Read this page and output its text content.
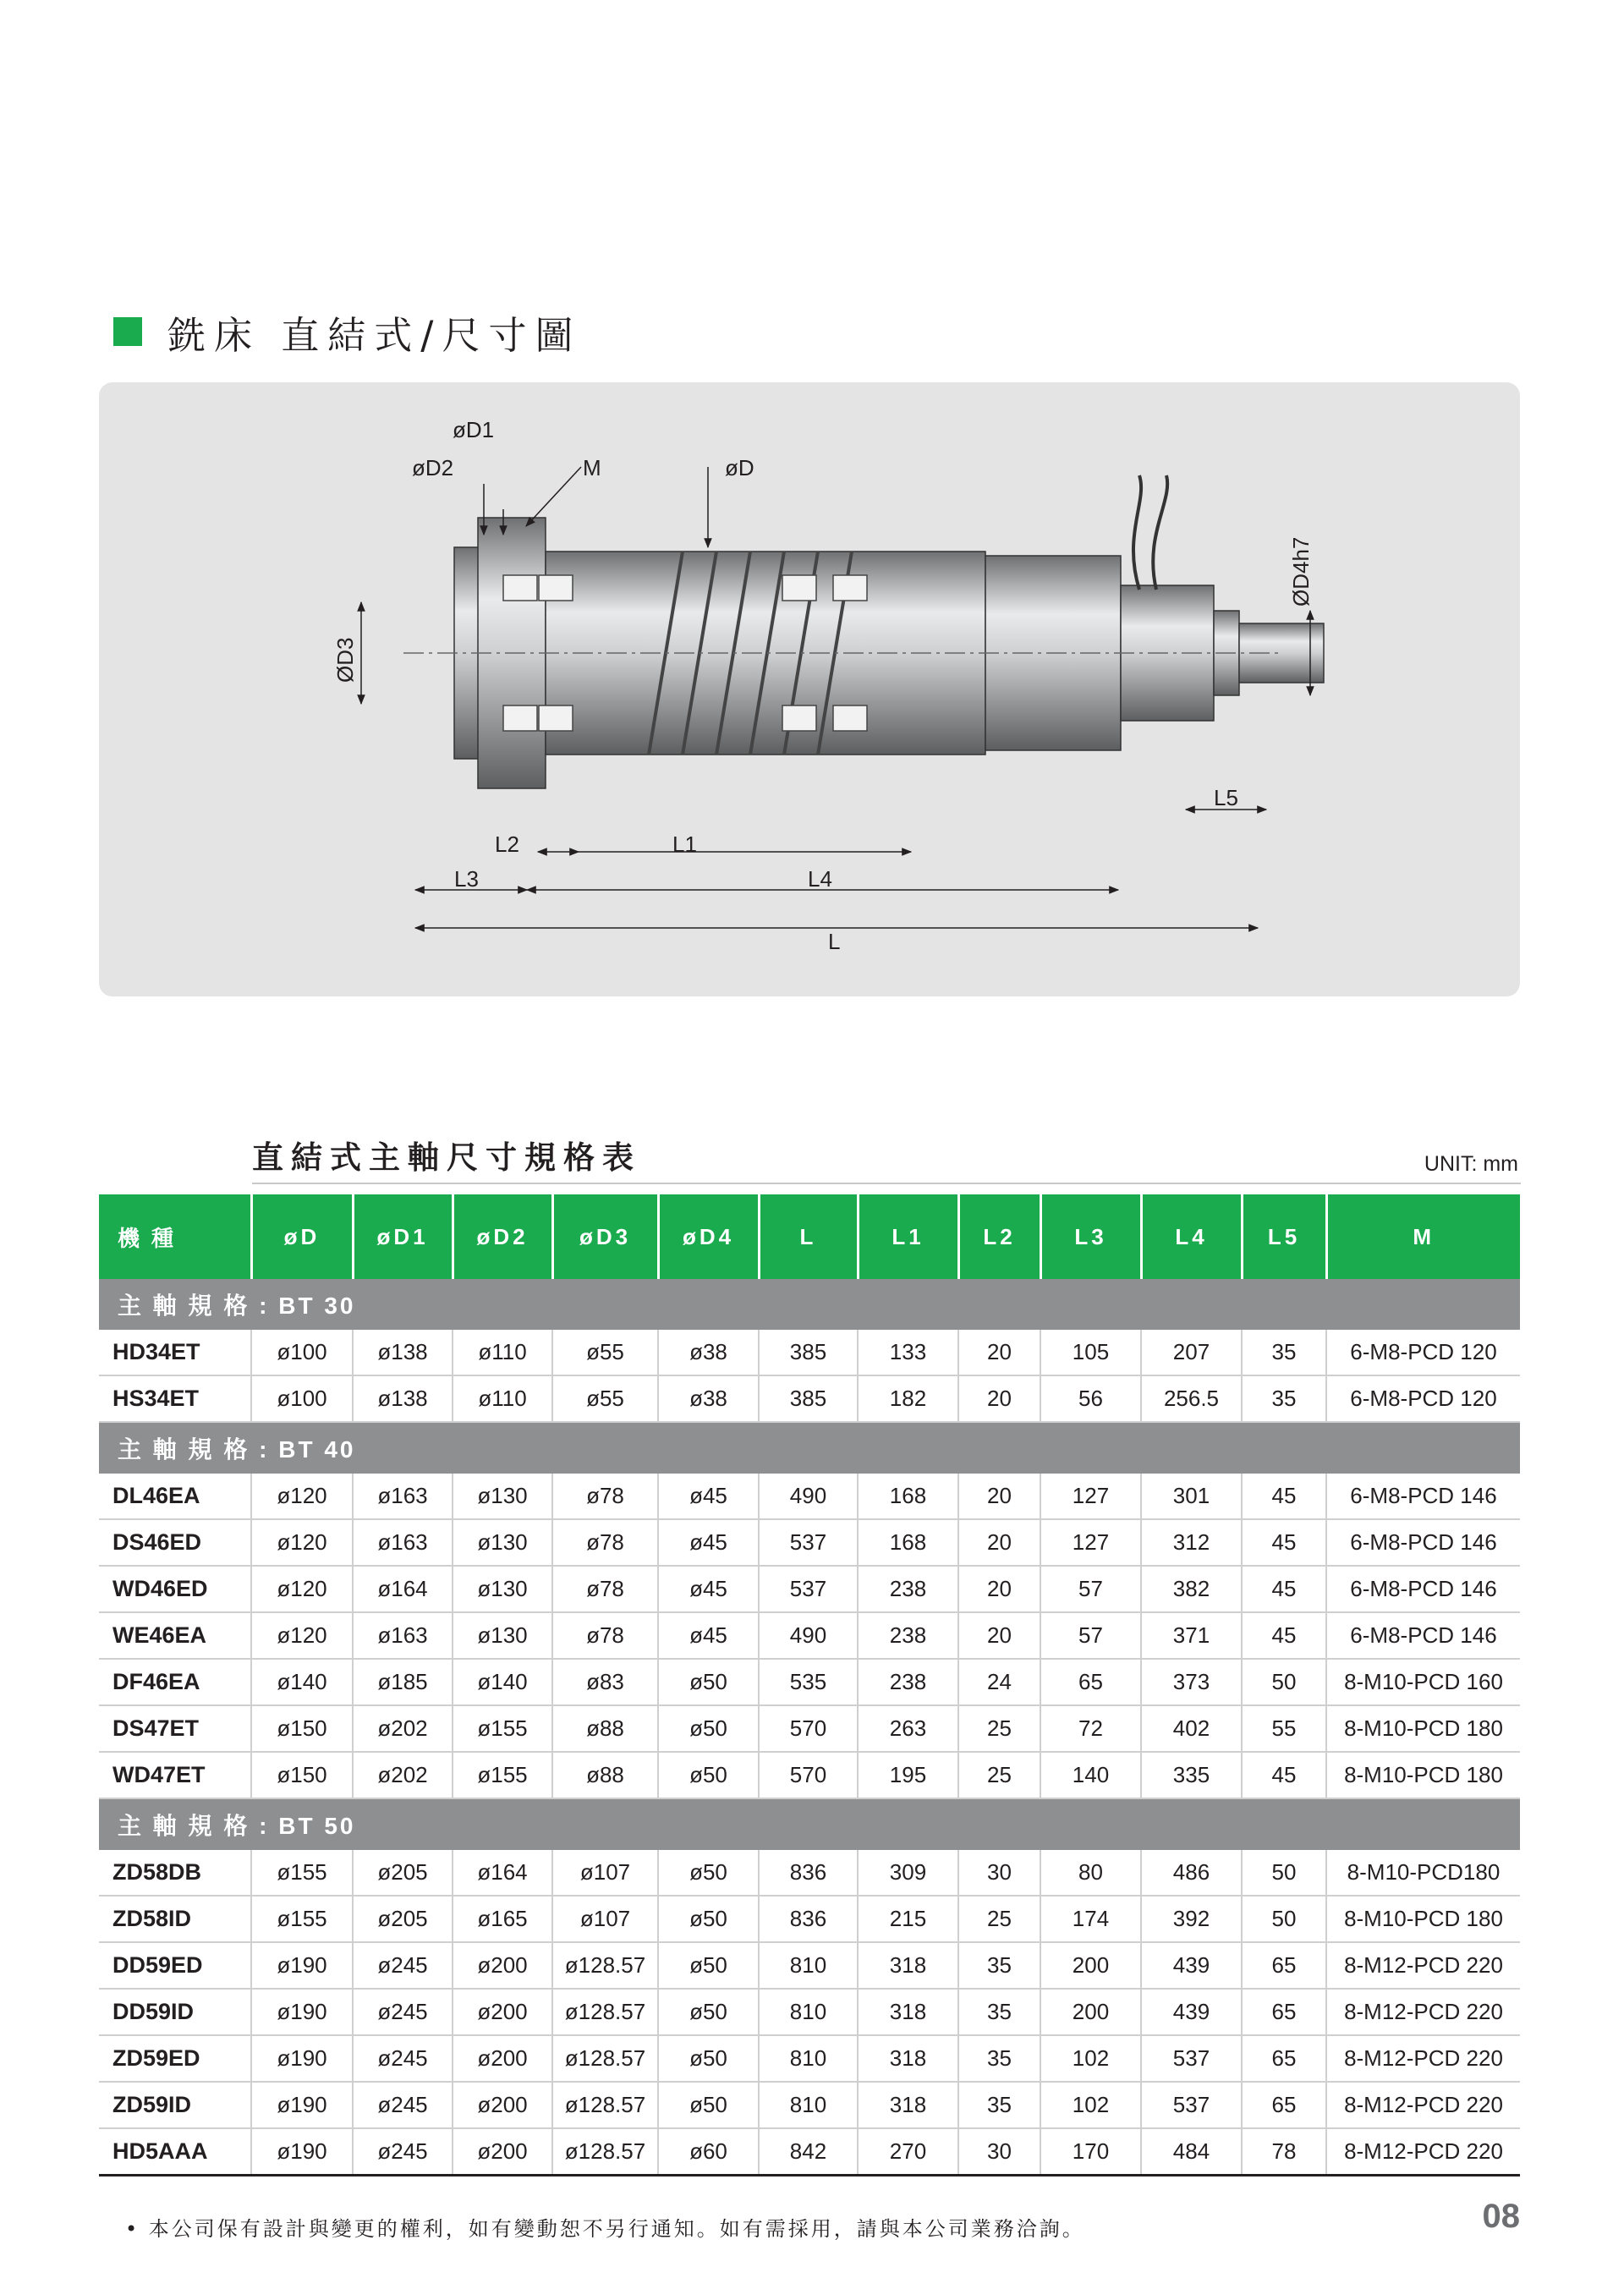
銑床 直結式/尺寸圖
øD1
øD2	M	øD
ØD3
ØD4h7
L5
L2	L1
L3	L4
L
直結式主軸尺寸規格表	UNIT: mm
機種	øD	øD1	øD2	øD3	øD4	L	L1	L2	L3	L4	L5	M
主 軸 規 格 : BT 30												
HD34ET	ø100	ø138	ø110	ø55	ø38	385	133	20	105	207	35	6-M8-PCD 120
HS34ET	ø100	ø138	ø110	ø55	ø38	385	182	20	56	256.5	35	6-M8-PCD 120
主 軸 規 格 : BT 40												
DL46EA	ø120	ø163	ø130	ø78	ø45	490	168	20	127	301	45	6-M8-PCD 146
DS46ED	ø120	ø163	ø130	ø78	ø45	537	168	20	127	312	45	6-M8-PCD 146
WD46ED	ø120	ø164	ø130	ø78	ø45	537	238	20	57	382	45	6-M8-PCD 146
WE46EA	ø120	ø163	ø130	ø78	ø45	490	238	20	57	371	45	6-M8-PCD 146
DF46EA	ø140	ø185	ø140	ø83	ø50	535	238	24	65	373	50	8-M10-PCD 160
DS47ET	ø150	ø202	ø155	ø88	ø50	570	263	25	72	402	55	8-M10-PCD 180
WD47ET	ø150	ø202	ø155	ø88	ø50	570	195	25	140	335	45	8-M10-PCD 180
主 軸 規 格 : BT 50												
ZD58DB	ø155	ø205	ø164	ø107	ø50	836	309	30	80	486	50	8-M10-PCD180
ZD58ID	ø155	ø205	ø165	ø107	ø50	836	215	25	174	392	50	8-M10-PCD 180
DD59ED	ø190	ø245	ø200	ø128.57	ø50	810	318	35	200	439	65	8-M12-PCD 220
DD59ID	ø190	ø245	ø200	ø128.57	ø50	810	318	35	200	439	65	8-M12-PCD 220
ZD59ED	ø190	ø245	ø200	ø128.57	ø50	810	318	35	102	537	65	8-M12-PCD 220
ZD59ID	ø190	ø245	ø200	ø128.57	ø50	810	318	35	102	537	65	8-M12-PCD 220
HD5AAA	ø190	ø245	ø200	ø128.57	ø60	842	270	30	170	484	78	8-M12-PCD 220
• 本公司保有設計與變更的權利，如有變動恕不另行通知。如有需採用，請與本公司業務洽詢。	08
